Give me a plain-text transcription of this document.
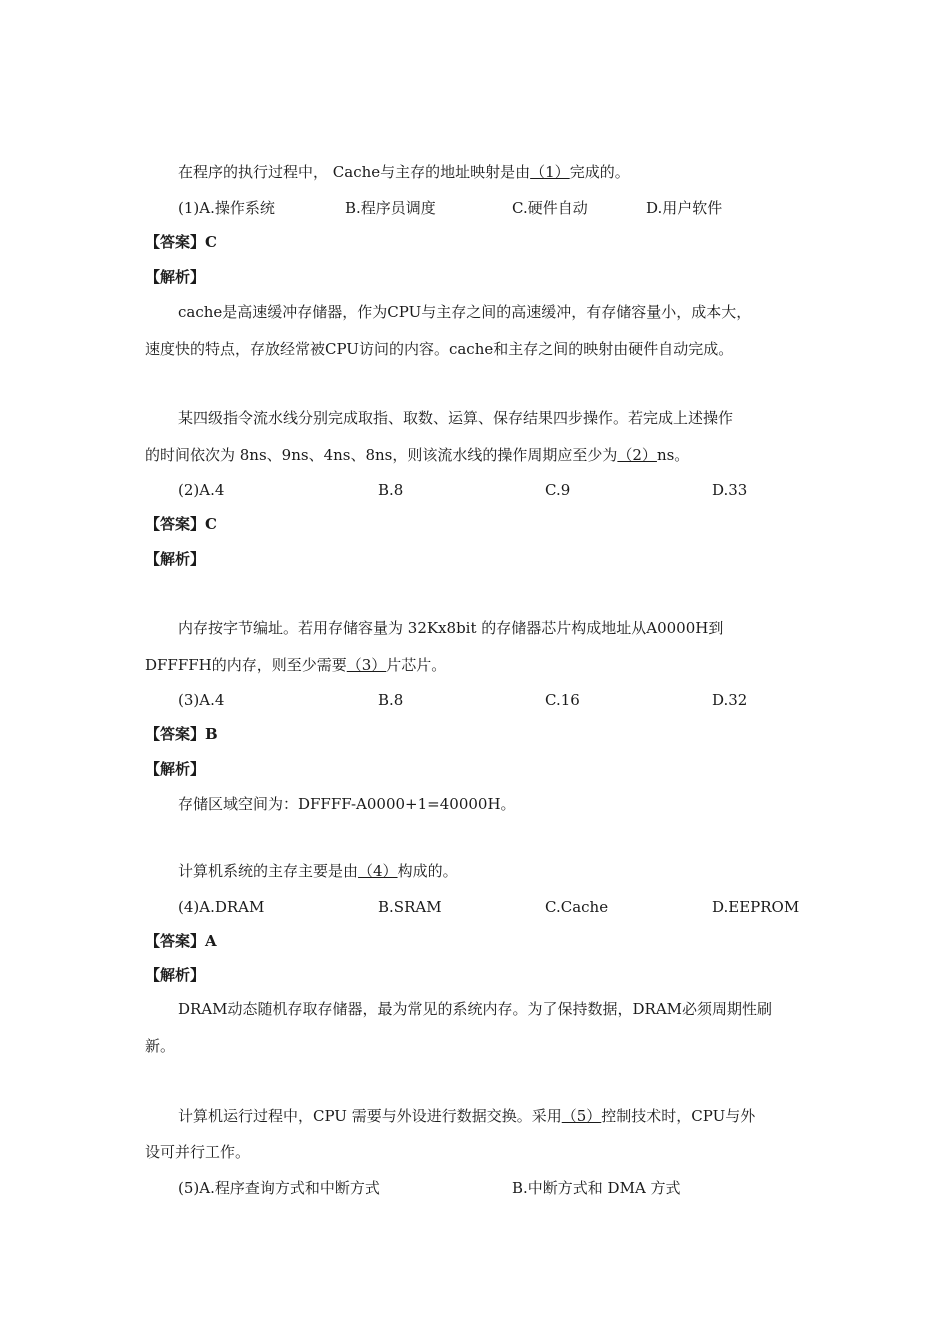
在程序的执行过程中， Cache与主存的地址映射是由（1）完成的。
(1)A.操作系统	B.程序员调度	C.硬件自动	D.用户软件
【答案】C
【解析】
cache是高速缓冲存储器，作为CPU与主存之间的高速缓冲，有存储容量小，成本大，
速度快的特点，存放经常被CPU访问的内容。cache和主存之间的映射由硬件自动完成。
某四级指令流水线分别完成取指、取数、运算、保存结果四步操作。若完成上述操作
的时间依次为 8ns、9ns、4ns、8ns，则该流水线的操作周期应至少为（2）ns。
(2)A.4	B.8	C.9	D.33
【答案】C
【解析】
内存按字节编址。若用存储容量为 32Kx8bit 的存储器芯片构成地址从A0000H到
DFFFFH的内存，则至少需要（3）片芯片。
(3)A.4	B.8	C.16	D.32
【答案】B
【解析】
存储区域空间为：DFFFF-A0000+1=40000H。
计算机系统的主存主要是由（4）构成的。
(4)A.DRAM	B.SRAM	C.Cache	D.EEPROM
【答案】A
【解析】
DRAM动态随机存取存储器，最为常见的系统内存。为了保持数据，DRAM必须周期性刷
新。
计算机运行过程中，CPU 需要与外设进行数据交换。采用（5）控制技术时，CPU与外
设可并行工作。
(5)A.程序查询方式和中断方式	B.中断方式和 DMA 方式
